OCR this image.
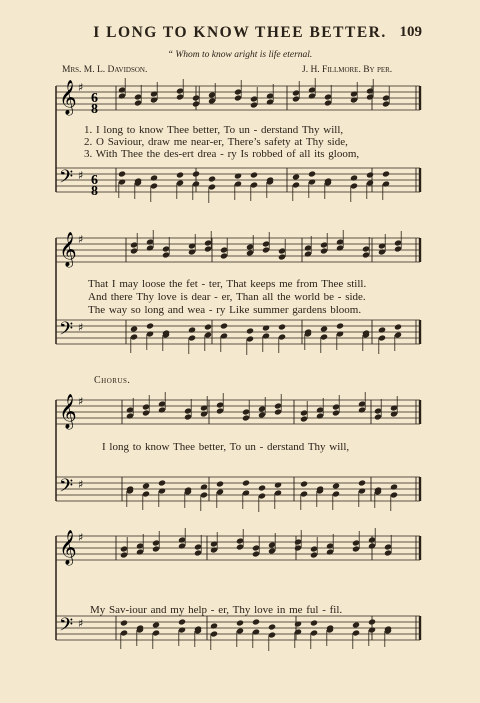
I LONG TO KNOW THEE BETTER. 109
“ Whom to know aright is life eternal.
Mrs. M. L. Davidson.	J. H. Fillmore. By per.
Chorus.
𝄞
𝄢
♯
♯
𝄞
𝄢
♯
♯
𝄞
𝄢
♯
♯
𝄞
𝄢
♯
♯
6
8
6
8
1. I long to know Thee better, To un - derstand Thy will,
2. O Saviour, draw me near-er, There’s safety at Thy side,
3. With Thee the des-ert drea - ry Is robbed of all its gloom,
That I may loose the fet - ter, That keeps me from Thee still.
And there Thy love is dear - er, Than all the world be - side.
The way so long and wea - ry Like summer gardens bloom.
I long to know Thee better, To un - derstand Thy will,
My Sav-iour and my help - er, Thy love in me ful - fil.
